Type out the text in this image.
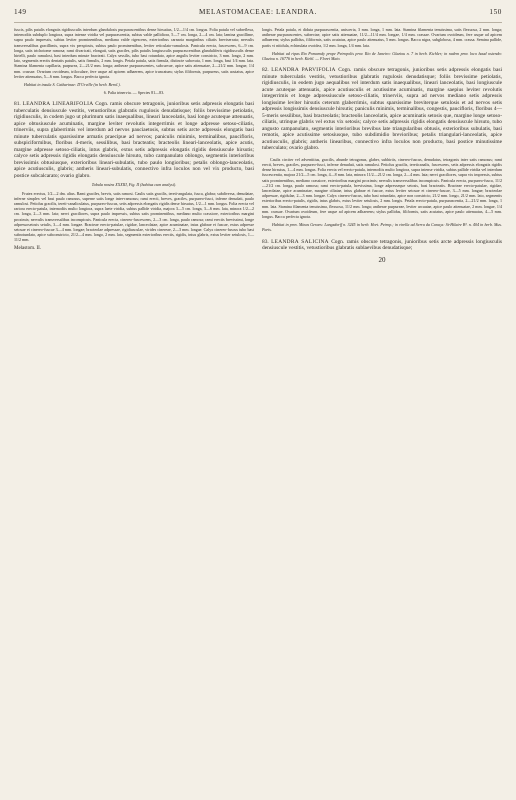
149	MELASTOMACEAE: LEANDRA.	150

fuscis, pilis patulis elongatis rigidiusculis interdum glandulosis purpurascentibus dense hirsutius, 1/2—1/4 cm. longus. Folia patula vel subreflexa, internodiis subduplo longiora, supra intense viridia vel purpurascentia, subtus valde pallidiora, 5—7 cm. longa, 2—4 cm. lata; lamina gracillime, supra paulo impressis, subtus leviter prominentibus, mediana valde rigescens, exterioribus carnaria marginibus ciliatis breviserrata; nervulis transversalibus gracillimis, supra vix perspicuis, subtus paulo prominentibus, leviter reticulato-ramulosis. Panicula erecta, fuscescens, 6—9 cm. longa, satis trichotome ramosa; rami divaricati, elongati, satis graciles, pilis patulis longiusculis purpurascentibus glanduliferis rigidiusculis dense hirtelli, paulo ramulosi, basi interdum minute bracteati. Calyx sessilis, tubo basi rotundato, apice angulis leviter constricto, 3 mm. longo, 2 mm. lato, segmentis erectis dentatis patulis, satis firmulis, 2 mm. longis. Petala patula, satis firmula, distincte subovata, 1 mm. longa, basi 1/4 mm. lata. Stamina filamenta capillaria, purpurea, 2—21/2 mm. longa; antherae purpurascentes, subcurvae, apice satis attenuatae, 2—21/2 mm. longae, 1/4 mm. crassae. Ovarium ovoideum, triloculare, fere usque ad apicem adhaerens, apice truncatum; stylus filiformis, purpureus, satis acutatus, apice leviter attenuatus, 5—6 mm. longus. Bacca perfecta ignota.

Habitat in insula S. Catharinae: D'Urville (in herb. Berol.).

6. Palia trinervia. — Species 81—83.

81. LEANDRA LINEARIFOLIA Cogn. ramis obscure tetragonis, junioribus setis adpressis elongatis basi tuberculatis densiuscule vestitis, vetustioribus glabratis rugulosis denudatisque; foliis brevissime petiolatis, rigidiusculis, in codem jugo ut plurimum satis inaequalibus, lineari lanceolatis, basi longe acuteque attenuatis, apice obtusiuscule acuminatis, margine leviter revolutis integerrimis et longe adpresse setoso-ciliatis, trinerviis, supra glaberrimis vel interdum ad nervos pauciaetosis, subtus setis arcte adpressis elongatis basi minute tuberculatis sparsissime armatis praecipue ad nervos; paniculis minimis, terminalibus, paucifloris, subspiciformibus, floribus 4-meris, sessilibus, basi bracteatis; bracteolis lineari-lanceolatis, apice acutis, margine adpresse setoso-ciliatis, intus glabris, extus setis adpressis elongatis rigidis densiuscule hirsutis; calyce setis adpressis rigidis elongatis densiuscule hirsuto, tubo campanulato oblongo, segmentis interioribus brevissimis obtusiusque, exterioribus lineari-subulatis, tubo paulo longioribus; petalis oblongo-lanceolatis, apice acutiusculis, glabris; antheris lineari-subulatis, connectivo infra loculos non vel vix producto, basi postice subcalcarato; ovario glabro.

Tabula nostra XXXIII, Fig. II (habitus cum analysi).

Frutex erectus, 1/2—2 dm. altus. Rami graciles, brevis, satis ramosi. Caulis satis gracilis, tereti-angulata, fusca, glabra; subdiversa, denudatae, inferne simplex vel basi paulo ramosus, superne satis longe inter-ramosus; rami erecti, breves, graciles, purpureo-fusci, inferne denudati, paulo ramulosi. Petiolus gracilis, tereti-canaliculatus, purpureo-fuscus, setis adpressis elongatis rigidis dense hirsutus, 1/2—1 mm. longus. Folia erecta vel rariora erecto-patula, internodiis multo longiora, supra laete viridia, subtus pallide viridia, majora 3—5 cm. longa, 3—6 mm. lata, minora 1/2—2 cm. longa, 2—3 mm. lata; nervi graciliores, supra paulo impressis, subtus satis prominentibus, mediano multo crassiore, exterioribus margini proximis; nervulis transversalibus inconspicuis. Panicula erecta, cinereo-fuscescens, 2—3 cm. longa, paulo ramosa; rami erectis brevissimi, longe adpressosetosis setulis, 3—4 mm. longae. Bracteae erecto-patulae, rigidae, lanceolatae, apice acuminatae, intus glabrae et fuscae, extus adpresse setosae et cinereo-fuscae 3—4 mm. longae; bracteolae adpressae, rigidiusculae, virides cinereae, 2—3 mm. longae. Calyx cinereo-fuscus tubo basi subrotundato, apice subconstricto, 21/2—4 mm. longo, 2 mm. lato, segmentis exterioribus erectis, rigidis, intus glabris, extus leviter setulosis, 1—11/2 mm.

Melastom. II.

longis. Petala patula, et diduta purpurascentia, unisceria, 3 mm. longa, 1 mm. lata. Stamina filamenta tenuissima, satis flexuosa, 2 mm. longa; antherae purpurascentes, subrectae, apice satis attenuatae, 11/2—11/4 mm. longae, 1/4 mm. crassae. Ovarium ovoideum, fere usque ad apicem adhaerens; stylus pallidus, filiformis, satis acutatus, apice paulo attenuatus, 5 mm. longus. Bacca nigra, subglobosa, 4 mm. crassa. Semina pallide, partis vi nitidula, echinulata ovoidea, 1/2 mm. longa, 1/4 mm. lata.

Habitat ad ripas Rio Pomarody prope Petropolis prov. Rio de Janeiro: Glaziou n. 7 in herb. Kichler; in radem prov. loco haud ostendo: Glaziou n. 16776 in herb. Kiehl. — Floret Maio.

82. LEANDRA PARVIFOLIA Cogn. ramis obscure tetragonis, junioribus setis adpressis elongatis basi minute tuberculatis vestitis, vetustioribus glabratis rugulosis denudatisque; foliis brevissime petiolatis, rigidiusculis, in eodem jugo aequalibus vel interdum satis inaequalibus, lineari lanceolatis, basi longiuscule acute acuteque attenuatis, apice acutiusculis et acutissime acuminatis, margine saepius leviter revolutis integerrimis et longe adpressiuscule setoso-ciliatis, trinerviis, supra ad nervos mediano setis adpressis longissime leviter hirsutis ceterum glaberrimis, subtus sparsissime breviterque setulosis et ad nervos setis adpressis longissimis densiuscule hirsutis; paniculis minimis, terminalibus, congestis, paucifloris, floribus 4—5-meris sessilibus, basi bracteolatis; bracteolis lanceolatis, apice acuminatis setosis que, margine longe setoso-ciliatis, utrinque glabris vel extus vix setosis; calyce setis adpressis rigidis elongatis densiuscule hirsuto, tubo angusto campanulato, segmentis interioribus brevibus late triangularibus obtusis, exterioribus subulatis, basi remotis, apice acutissime setosiusque, tubo subdimidio brevioribus; petalis triangulari-lanceolatis, apice acutiusculis, glabris; antheris linearibus, connectivo infra loculos non producto, basi postice minutissime tuberculato; ovario glabro.

Caulis circiter vel adventitius, gracilis, abunde tetragonus, glaber, subhirtis, cinereo-fuscus, denudatus, tetragonis inter satis ramosus; rami erecti, breves, graciles, purpureo-fusci, inferne denudati, satis ramulosi. Petiolus gracilis, tereticanalis, fuscescens, setis adpressis elongatis rigidis dense hirsutus, 1—4 mm. longus. Folia erecta vel erecto-patula, internodiis multo longiora, supra intense viridia, subtus pallide viridia vel interdum fuscescentia, majora 21/2—5 cm. longa, 4—8 mm. lata, minora 11/2—21/2 cm. longa, 2—4 mm. lata; nervi graciliores, supra vix impressis, subtus satis prominentibus, mediano crassiore, exterioribus margini proximis; nervulis transversalibus inconspicuis. Panicula erecta, purpureo-fusca, 11/2—21/2 cm. longa, paulo ramosa; rami erecto-patula, brevissima, longe adpresseque setosis, basi bracteatis. Bracteae erecto-patulae, rigidae, lanceolatae, apice acuminatae, margine ciliatae, intus glabrae et fuscae, extus leviter setosae et cinereo-fuscae, 3—5 mm. longae; bracteolae adpressae, rigidulae, 2—3 mm. longae. Calyx cinereo-fuscus, tubo basi rotundato, apice non constricto, 21/2 mm. longo, 21/2 mm. lato, segmentis exterioribus erecto-patulis, rigidis, intus glabris, extus leviter setulosis, 2 mm. longis. Petala erecto-patula, purpurascentia, 2—21/2 mm. longa, 1 mm. lata. Stamina filamenta tenuissima, flexuosa, 11/2 mm. longa; antherae purpureae, leviter arcuatae, apice paulo attenuatae, 2 mm. longae, 1/4 mm. crassae. Ovarium ovoideum, fere usque ad apicem adhaerens; stylus pallidus, filiformis, satis acutatus, apice paulo attenuatus, 4—5 mm. longus. Bacca perfecta ignota.

Habitat in prov. Minas Geraes: Langsdorff n. 3245 in herb. Hort. Petrop.; in virella ad Serra da Caraça: St-Hilaire B¹. n. 404 in herb. Mus. Paris.

83. LEANDRA SALICINA Cogn. ramis obscure tetragonis, junioribus setis arcte adpressis longiusculis densiuscule vestitis, vetustioribus glabratis sublaevibus denudatisque;

20
